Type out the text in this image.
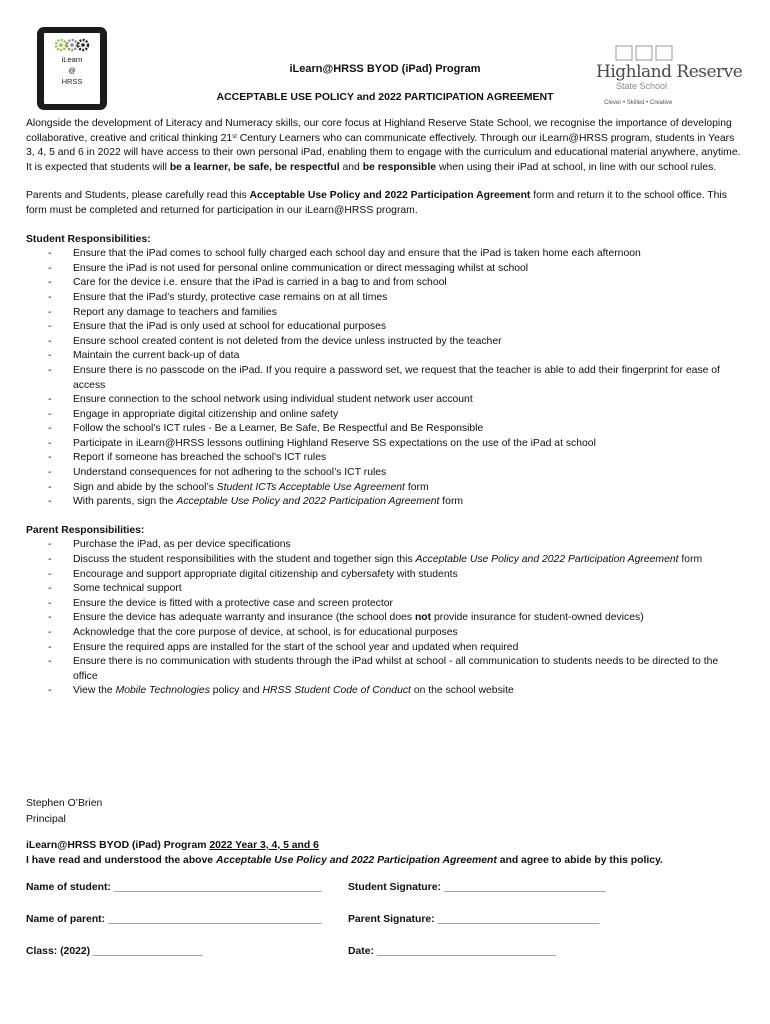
iLearn
@
HRSS	Highland Reserve
State School
Clever • Skilled • Creative
iLearn@HRSS BYOD (iPad) Program
ACCEPTABLE USE POLICY and 2022 PARTICIPATION AGREEMENT

Alongside the development of Literacy and Numeracy skills, our core focus at Highland Reserve State School, we recognise the importance of developing collaborative, creative and critical thinking 21st Century Learners who can communicate effectively. Through our iLearn@HRSS program, students in Years 3, 4, 5 and 6 in 2022 will have access to their own personal iPad, enabling them to engage with the curriculum and educational material anywhere, anytime. It is expected that students will be a learner, be safe, be respectful and be responsible when using their iPad at school, in line with our school rules.

Parents and Students, please carefully read this Acceptable Use Policy and 2022 Participation Agreement form and return it to the school office. This form must be completed and returned for participation in our iLearn@HRSS program.

Student Responsibilities:
- Ensure that the iPad comes to school fully charged each school day and ensure that the iPad is taken home each afternoon
- Ensure the iPad is not used for personal online communication or direct messaging whilst at school
- Care for the device i.e. ensure that the iPad is carried in a bag to and from school
- Ensure that the iPad’s sturdy, protective case remains on at all times
- Report any damage to teachers and families
- Ensure that the iPad is only used at school for educational purposes
- Ensure school created content is not deleted from the device unless instructed by the teacher
- Maintain the current back-up of data
- Ensure there is no passcode on the iPad. If you require a password set, we request that the teacher is able to add their fingerprint for ease of access
- Ensure connection to the school network using individual student network user account
- Engage in appropriate digital citizenship and online safety
- Follow the school’s ICT rules - Be a Learner, Be Safe, Be Respectful and Be Responsible
- Participate in iLearn@HRSS lessons outlining Highland Reserve SS expectations on the use of the iPad at school
- Report if someone has breached the school’s ICT rules
- Understand consequences for not adhering to the school’s ICT rules
- Sign and abide by the school’s Student ICTs Acceptable Use Agreement form
- With parents, sign the Acceptable Use Policy and 2022 Participation Agreement form
Parent Responsibilities:
- Purchase the iPad, as per device specifications
- Discuss the student responsibilities with the student and together sign this Acceptable Use Policy and 2022 Participation Agreement form
- Encourage and support appropriate digital citizenship and cybersafety with students
- Some technical support
- Ensure the device is fitted with a protective case and screen protector
- Ensure the device has adequate warranty and insurance (the school does not provide insurance for student-owned devices)
- Acknowledge that the core purpose of device, at school, is for educational purposes
- Ensure the required apps are installed for the start of the school year and updated when required
- Ensure there is no communication with students through the iPad whilst at school - all communication to students needs to be directed to the office
- View the Mobile Technologies policy and HRSS Student Code of Conduct on the school website
Stephen O’Brien
Principal
iLearn@HRSS BYOD (iPad) Program 2022 Year 3, 4, 5 and 6
I have read and understood the above Acceptable Use Policy and 2022 Participation Agreement and agree to abide by this policy.
Name of student: ____________________________________	Student Signature: ____________________________
Name of parent: _____________________________________	Parent Signature: ____________________________
Class: (2022) ___________________	Date: _______________________________
